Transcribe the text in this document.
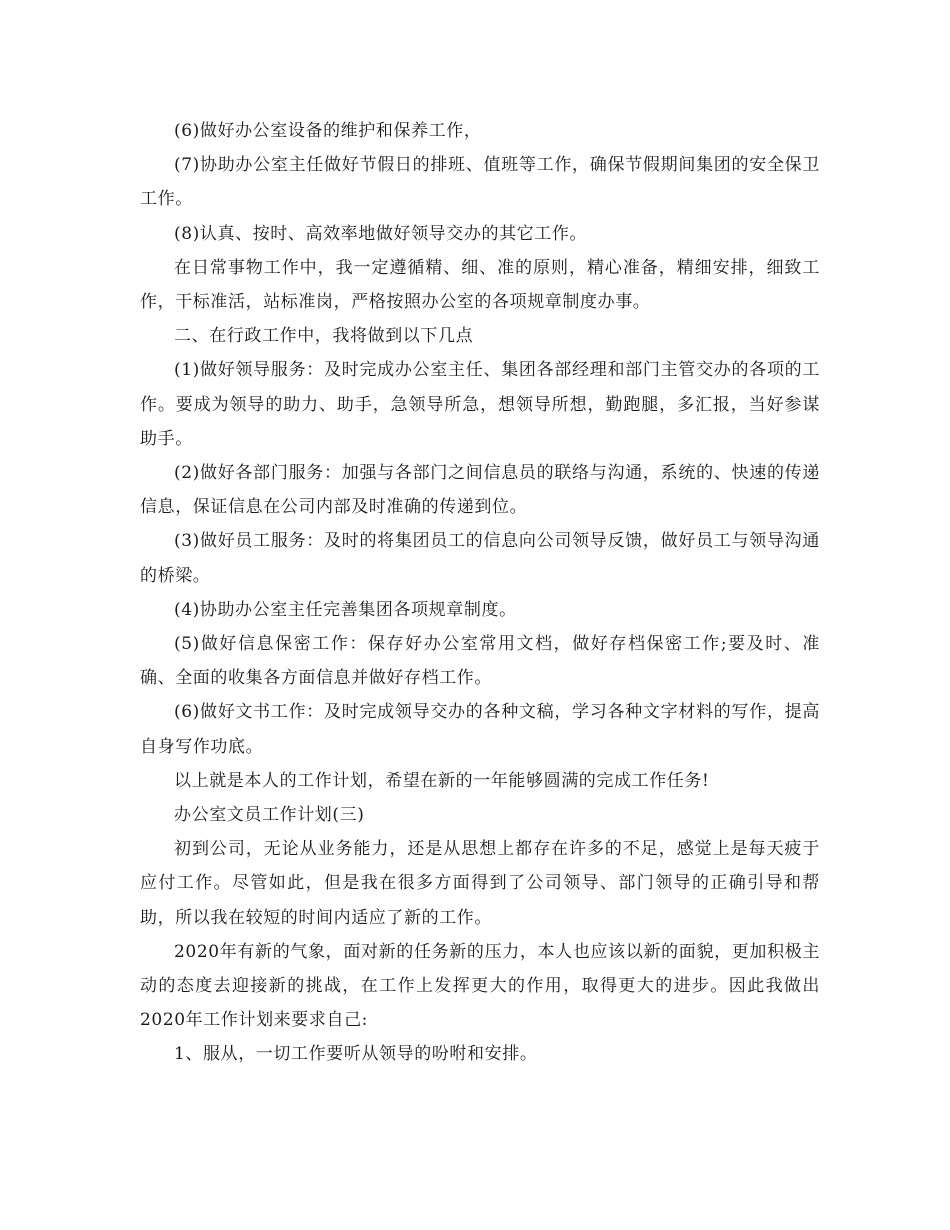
(6)做好办公室设备的维护和保养工作，

(7)协助办公室主任做好节假日的排班、值班等工作，确保节假期间集团的安全保卫工作。

(8)认真、按时、高效率地做好领导交办的其它工作。

在日常事物工作中，我一定遵循精、细、准的原则，精心准备，精细安排，细致工作，干标准活，站标准岗，严格按照办公室的各项规章制度办事。

二、在行政工作中，我将做到以下几点

(1)做好领导服务：及时完成办公室主任、集团各部经理和部门主管交办的各项的工作。要成为领导的助力、助手，急领导所急，想领导所想，勤跑腿，多汇报，当好参谋助手。

(2)做好各部门服务：加强与各部门之间信息员的联络与沟通，系统的、快速的传递信息，保证信息在公司内部及时准确的传递到位。

(3)做好员工服务：及时的将集团员工的信息向公司领导反馈，做好员工与领导沟通的桥梁。

(4)协助办公室主任完善集团各项规章制度。

(5)做好信息保密工作：保存好办公室常用文档，做好存档保密工作;要及时、准确、全面的收集各方面信息并做好存档工作。

(6)做好文书工作：及时完成领导交办的各种文稿，学习各种文字材料的写作，提高自身写作功底。

以上就是本人的工作计划，希望在新的一年能够圆满的完成工作任务!

办公室文员工作计划(三)

初到公司，无论从业务能力，还是从思想上都存在许多的不足，感觉上是每天疲于应付工作。尽管如此，但是我在很多方面得到了公司领导、部门领导的正确引导和帮助，所以我在较短的时间内适应了新的工作。

2020年有新的气象，面对新的任务新的压力，本人也应该以新的面貌，更加积极主动的态度去迎接新的挑战，在工作上发挥更大的作用，取得更大的进步。因此我做出2020年工作计划来要求自己:

1、服从，一切工作要听从领导的吩咐和安排。
